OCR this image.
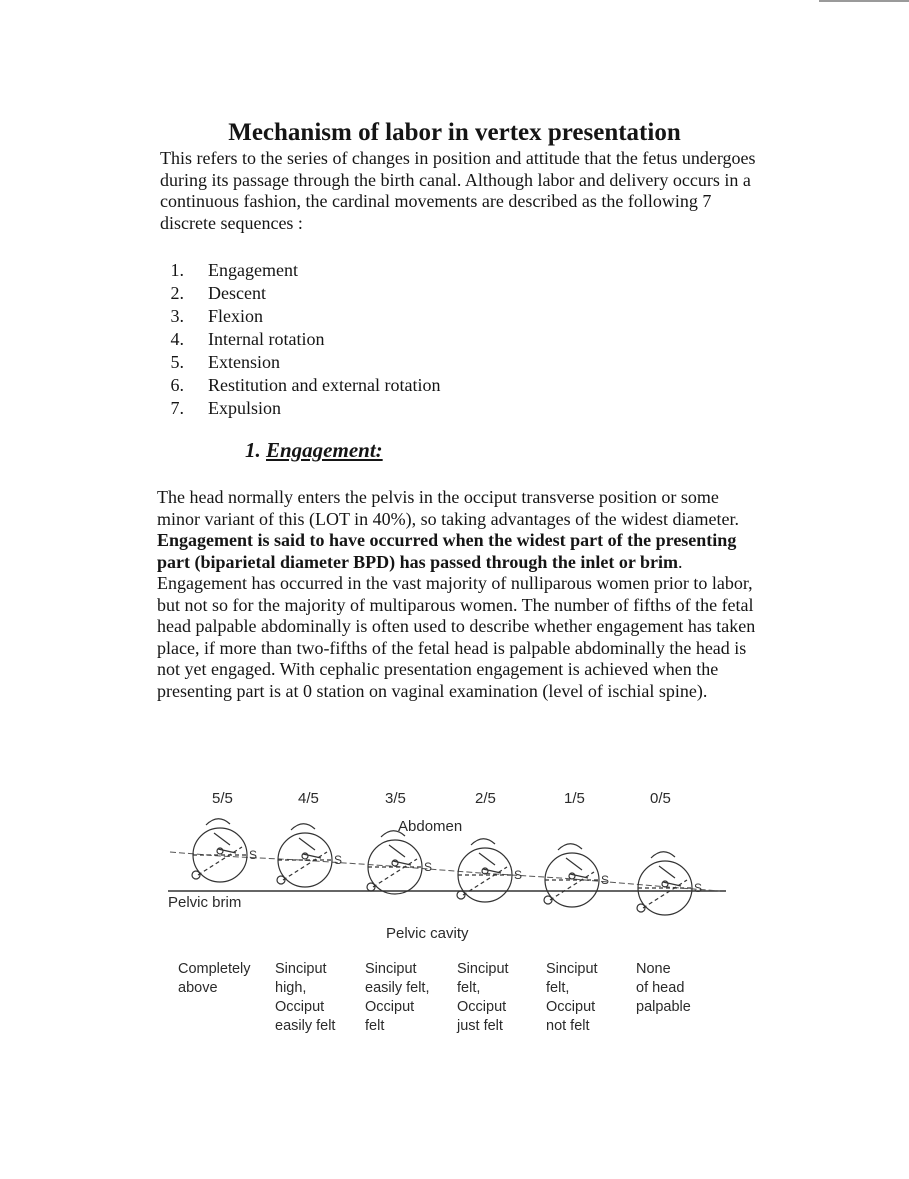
Mechanism of labor in vertex presentation

This refers to the series of changes in position and attitude that the fetus undergoes during its passage through the birth canal. Although labor and delivery occurs in a continuous fashion, the cardinal movements are described as the following 7 discrete sequences :

1. Engagement
2. Descent
3. Flexion
4. Internal rotation
5. Extension
6. Restitution and external rotation
7. Expulsion
1. Engagement:

The head normally enters the pelvis in the occiput transverse position or some minor variant of this (LOT in 40%), so taking advantages of the widest diameter. Engagement is said to have occurred when the widest part of the presenting part (biparietal diameter BPD) has passed through the inlet or brim. Engagement has occurred in the vast majority of nulliparous women prior to labor, but not so for the majority of multiparous women. The number of fifths of the fetal head palpable abdominally is often used to describe whether engagement has taken place, if more than two-fifths of the fetal head is palpable abdominally the head is not yet engaged. With cephalic presentation engagement is achieved when the presenting part is at 0 station on vaginal examination (level of ischial spine).

5/5	4/5	3/5	2/5	1/5	0/5
Abdomen
Pelvic brim
Pelvic cavity
S	S	S
S	S
S
Completely
above
Sinciput
high,
Occiput
easily felt
Sinciput
easily felt,
Occiput
felt
Sinciput
felt,
Occiput
just felt
Sinciput
felt,
Occiput
not felt
None
of head
palpable
